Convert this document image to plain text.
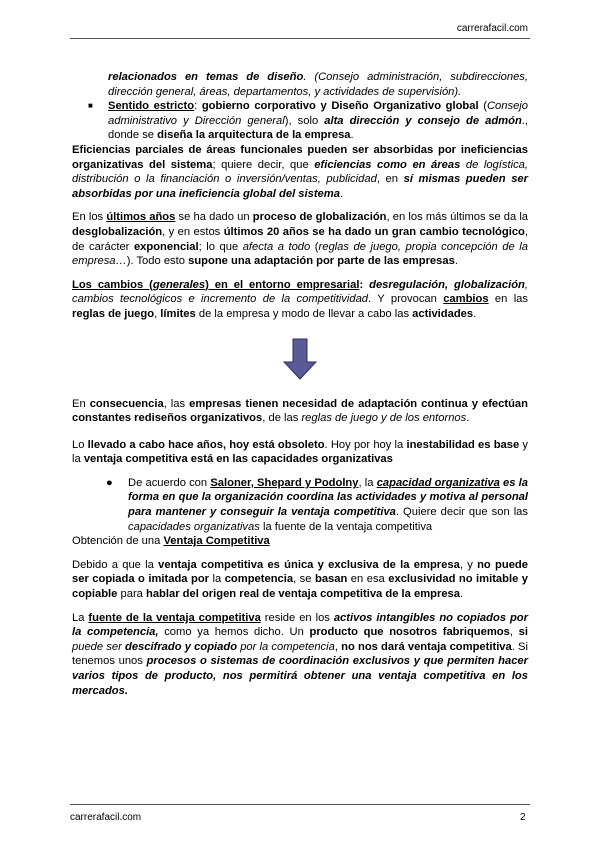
carrerafacil.com

relacionados en temas de diseño. (Consejo administración, subdirecciones, dirección general, áreas, departamentos, y actividades de supervisión).

■	Sentido estricto: gobierno corporativo y Diseño Organizativo global (Consejo administrativo y Dirección general), solo alta dirección y consejo de admón., donde se diseña la arquitectura de la empresa.

Eficiencias parciales de áreas funcionales pueden ser absorbidas por ineficiencias organizativas del sistema; quiere decir, que eficiencias como en áreas de logística, distribución o la financiación o inversión/ventas, publicidad, en sí mismas pueden ser absorbidas por una ineficiencia global del sistema.

En los últimos años se ha dado un proceso de globalización, en los más últimos se da la desglobalización, y en estos últimos 20 años se ha dado un gran cambio tecnológico, de carácter exponencial; lo que afecta a todo (reglas de juego, propia concepción de la empresa…). Todo esto supone una adaptación por parte de las empresas.

Los cambios (generales) en el entorno empresarial: desregulación, globalización, cambios tecnológicos e incremento de la competitividad. Y provocan cambios en las reglas de juego, límites de la empresa y modo de llevar a cabo las actividades.

En consecuencia, las empresas tienen necesidad de adaptación continua y efectúan constantes rediseños organizativos, de las reglas de juego y de los entornos.

Lo llevado a cabo hace años, hoy está obsoleto. Hoy por hoy la inestabilidad es base y la ventaja competitiva está en las capacidades organizativas

●	De acuerdo con Saloner, Shepard y Podolny, la capacidad organizativa es la forma en que la organización coordina las actividades y motiva al personal para mantener y conseguir la ventaja competitiva. Quiere decir que son las capacidades organizativas la fuente de la ventaja competitiva

Obtención de una Ventaja Competitiva

Debido a que la ventaja competitiva es única y exclusiva de la empresa, y no puede ser copiada o imitada por la competencia, se basan en esa exclusividad no imitable y copiable para hablar del origen real de ventaja competitiva de la empresa.

La fuente de la ventaja competitiva reside en los activos intangibles no copiados por la competencia, como ya hemos dicho. Un producto que nosotros fabriquemos, si puede ser descifrado y copiado por la competencia, no nos dará ventaja competitiva. Si tenemos unos procesos o sistemas de coordinación exclusivos y que permiten hacer varios tipos de producto, nos permitirá obtener una ventaja competitiva en los mercados.

carrerafacil.com	2
